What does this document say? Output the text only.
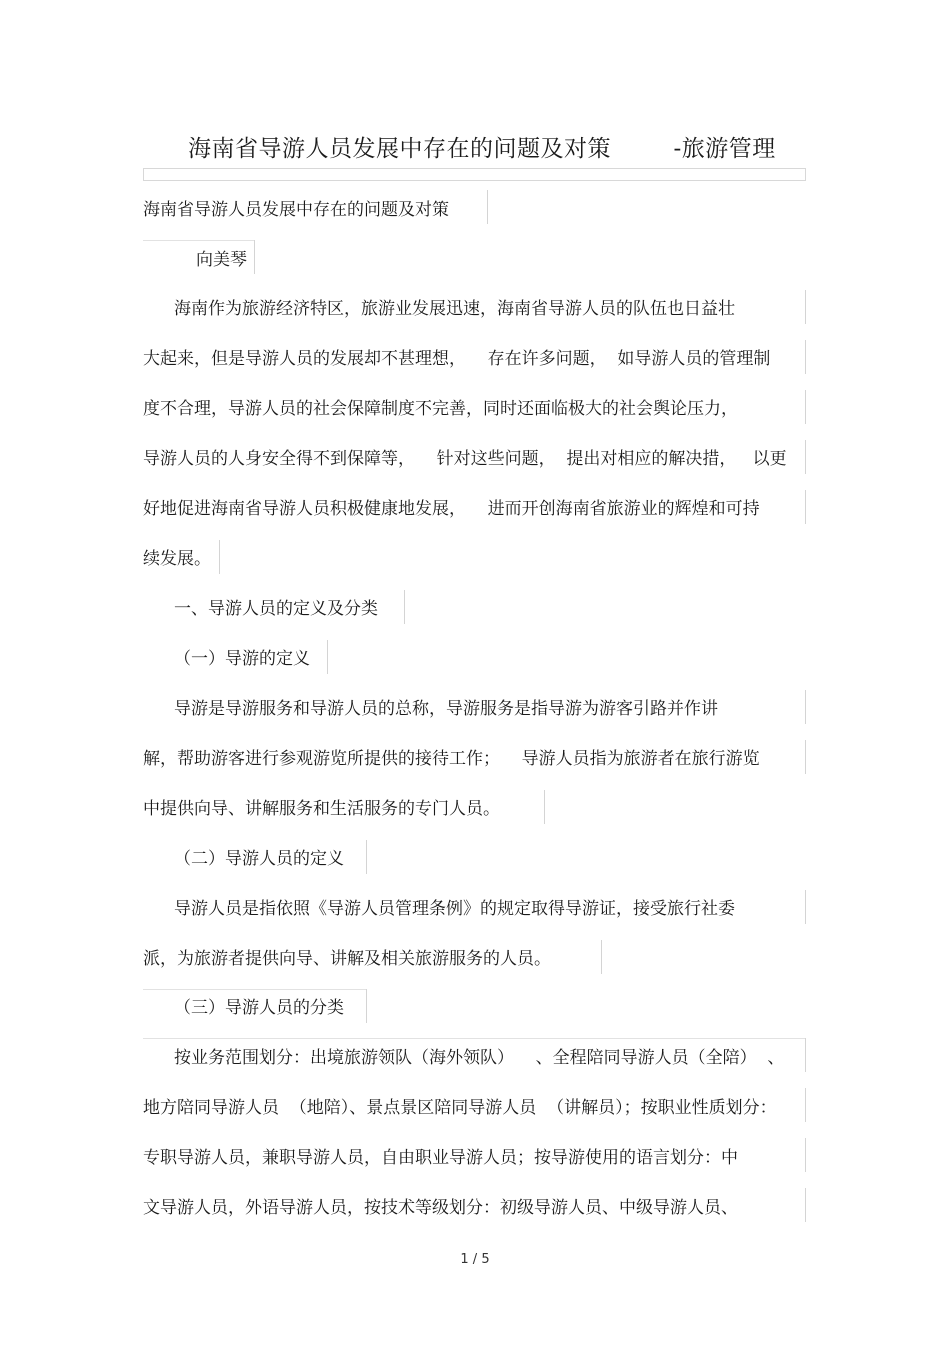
海南省导游人员发展中存在的问题及对策        -旅游管理
海南省导游人员发展中存在的问题及对策
向美琴
海南作为旅游经济特区，旅游业发展迅速，海南省导游人员的队伍也日益壮
大起来，但是导游人员的发展却不甚理想，    存在许多问题，  如导游人员的管理制
度不合理，导游人员的社会保障制度不完善，同时还面临极大的社会舆论压力，
导游人员的人身安全得不到保障等，    针对这些问题，  提出对相应的解决措，   以更
好地促进海南省导游人员积极健康地发展，    进而开创海南省旅游业的辉煌和可持
续发展。
一、导游人员的定义及分类
（一）导游的定义
导游是导游服务和导游人员的总称，导游服务是指导游为游客引路并作讲
解，帮助游客进行参观游览所提供的接待工作；    导游人员指为旅游者在旅行游览
中提供向导、讲解服务和生活服务的专门人员。
（二）导游人员的定义
导游人员是指依照《导游人员管理条例》的规定取得导游证，接受旅行社委
派，为旅游者提供向导、讲解及相关旅游服务的人员。
（三）导游人员的分类
按业务范围划分：出境旅游领队（海外领队）    、全程陪同导游人员（全陪）  、
地方陪同导游人员  （地陪）、景点景区陪同导游人员  （讲解员）；按职业性质划分：
专职导游人员，兼职导游人员，自由职业导游人员；按导游使用的语言划分：中
文导游人员，外语导游人员，按技术等级划分：初级导游人员、中级导游人员、
1 / 5
